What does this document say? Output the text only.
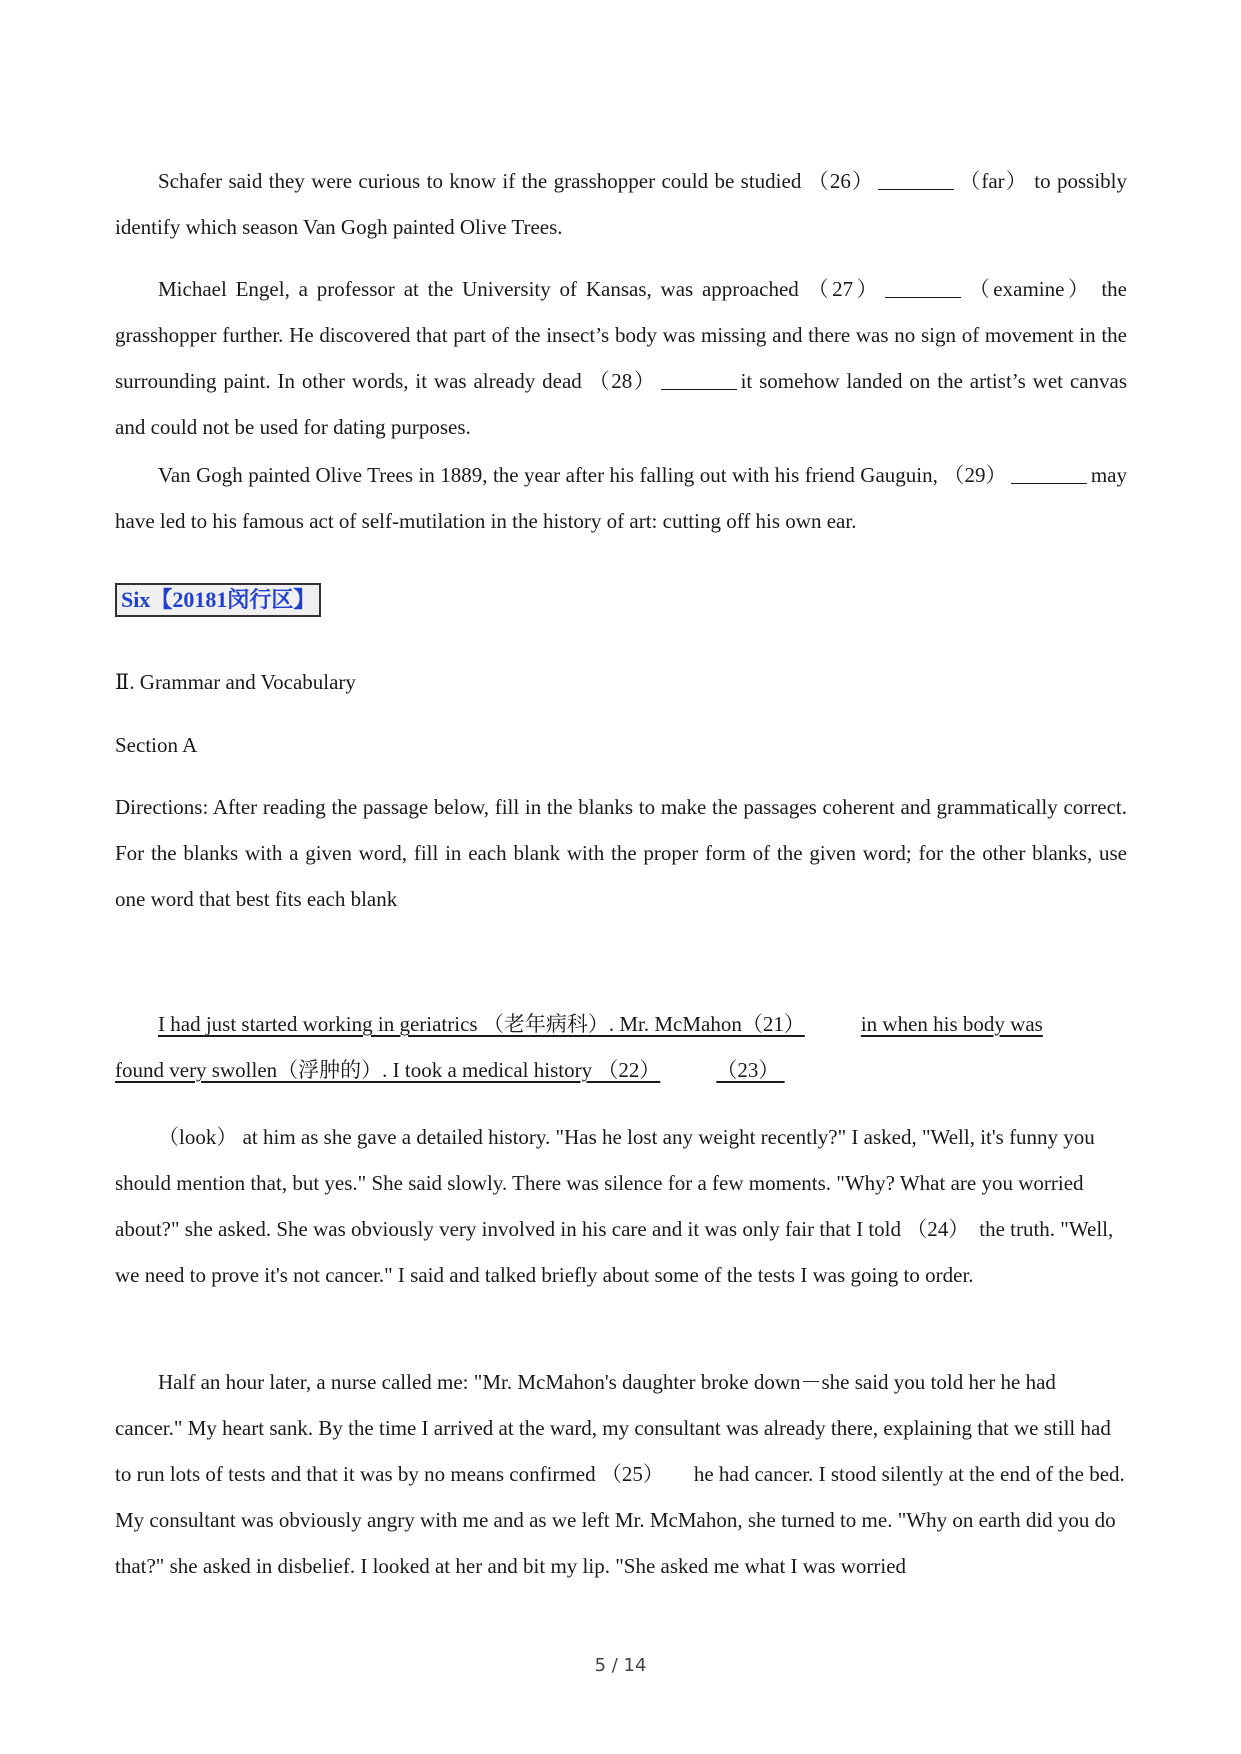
Schafer said they were curious to know if the grasshopper could be studied （26）	（far） to possibly identify which season Van Gogh painted Olive Trees.

Michael Engel, a professor at the University of Kansas, was approached （27）	（examine） the grasshopper further. He discovered that part of the insect’s body was missing and there was no sign of movement in the surrounding paint. In other words, it was already dead （28）	it somehow landed on the artist’s wet canvas and could not be used for dating purposes.

Van Gogh painted Olive Trees in 1889, the year after his falling out with his friend Gauguin, （29）	may have led to his famous act of self-mutilation in the history of art: cutting off his own ear.

Six【20181闵行区】

Ⅱ. Grammar and Vocabulary

Section A

Directions: After reading the passage below, fill in the blanks to make the passages coherent and grammatically correct. For the blanks with a given word, fill in each blank with the proper form of the given word; for the other blanks, use one word that best fits each blank

I had just started working in geriatrics （老年病科）. Mr. McMahon（21）	in when his body was

found very swollen（浮肿的）. I took a medical history （22）	（23）

（look） at him as she gave a detailed history. "Has he lost any weight recently?" I asked, "Well, it's funny you should mention that, but yes." She said slowly. There was silence for a few moments. "Why? What are you worried about?" she asked. She was obviously very involved in his care and it was only fair that I told （24） the truth. "Well, we need to prove it's not cancer." I said and talked briefly about some of the tests I was going to order.

Half an hour later, a nurse called me: "Mr. McMahon's daughter broke down－she said you told her he had cancer." My heart sank. By the time I arrived at the ward, my consultant was already there, explaining that we still had to run lots of tests and that it was by no means confirmed （25） he had cancer. I stood silently at the end of the bed. My consultant was obviously angry with me and as we left Mr. McMahon, she turned to me. "Why on earth did you do that?" she asked in disbelief. I looked at her and bit my lip. "She asked me what I was worried

5 / 14
